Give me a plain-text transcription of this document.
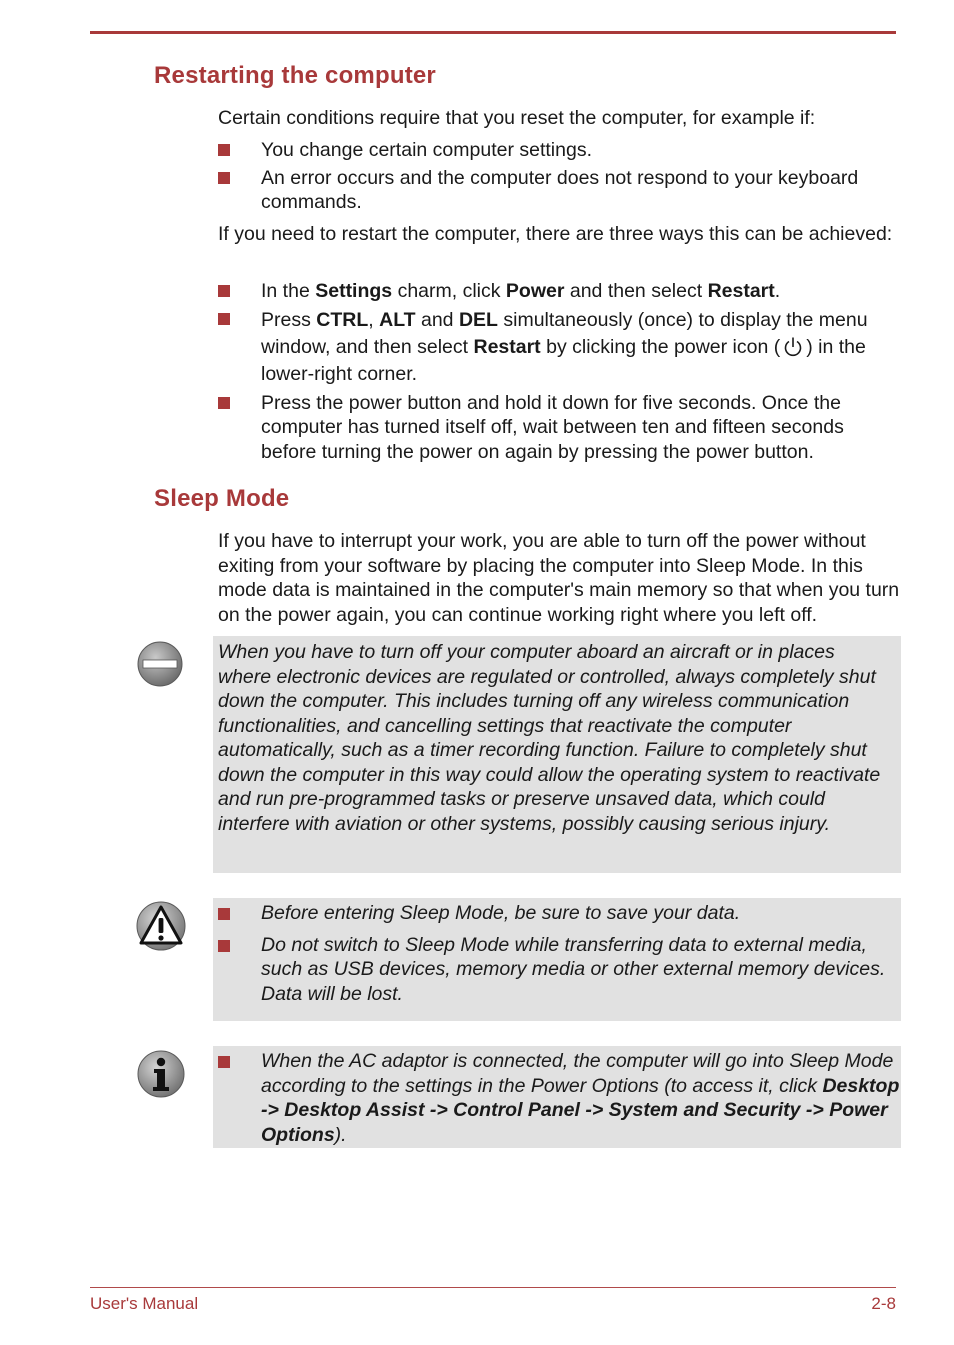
Restarting the computer

Certain conditions require that you reset the computer, for example if:

You change certain computer settings.
An error occurs and the computer does not respond to your keyboard commands.

If you need to restart the computer, there are three ways this can be achieved:

In the Settings charm, click Power and then select Restart.
Press CTRL, ALT and DEL simultaneously (once) to display the menu window, and then select Restart by clicking the power icon ( ) in the lower-right corner.
Press the power button and hold it down for five seconds. Once the computer has turned itself off, wait between ten and fifteen seconds before turning the power on again by pressing the power button.
Sleep Mode

If you have to interrupt your work, you are able to turn off the power without exiting from your software by placing the computer into Sleep Mode. In this mode data is maintained in the computer's main memory so that when you turn on the power again, you can continue working right where you left off.

When you have to turn off your computer aboard an aircraft or in places where electronic devices are regulated or controlled, always completely shut down the computer. This includes turning off any wireless communication functionalities, and cancelling settings that reactivate the computer automatically, such as a timer recording function. Failure to completely shut down the computer in this way could allow the operating system to reactivate and run pre-programmed tasks or preserve unsaved data, which could interfere with aviation or other systems, possibly causing serious injury.

Before entering Sleep Mode, be sure to save your data.
Do not switch to Sleep Mode while transferring data to external media, such as USB devices, memory media or other external memory devices. Data will be lost.
When the AC adaptor is connected, the computer will go into Sleep Mode according to the settings in the Power Options (to access it, click Desktop -> Desktop Assist -> Control Panel -> System and Security -> Power Options).
User's Manual	2-8
